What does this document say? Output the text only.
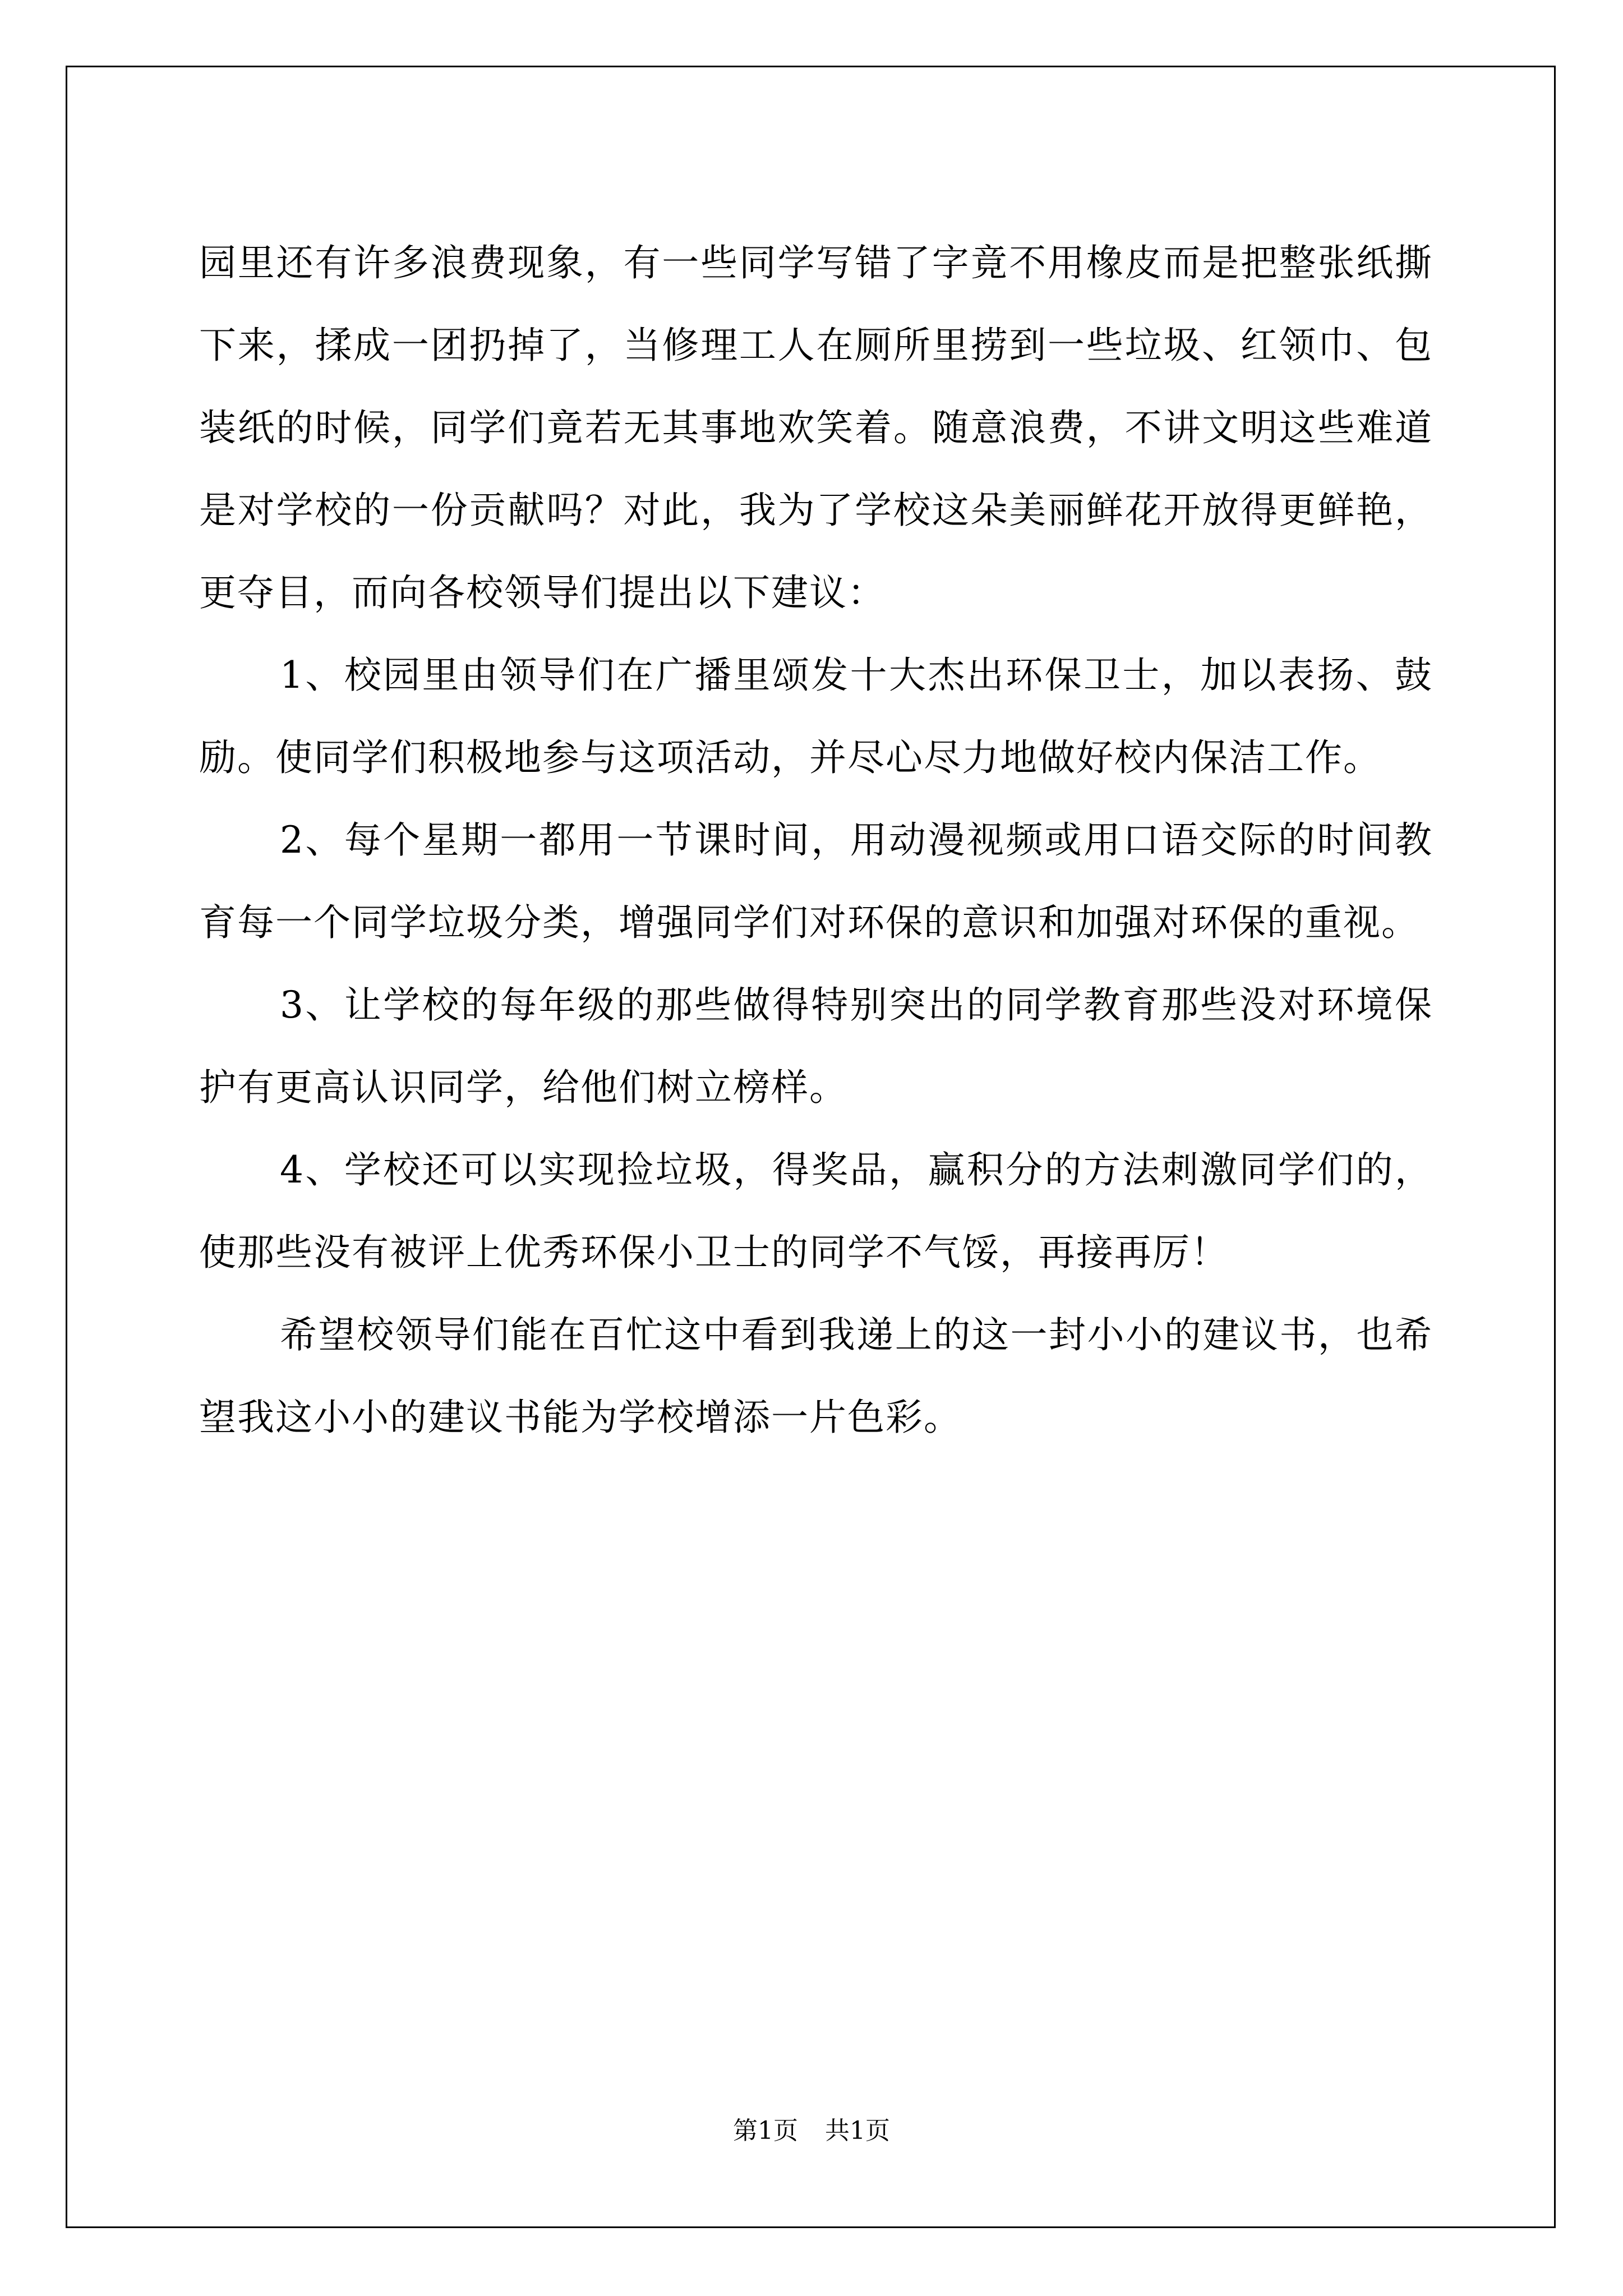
园里还有许多浪费现象，有一些同学写错了字竟不用橡皮而是把整张纸撕下来，揉成一团扔掉了，当修理工人在厕所里捞到一些垃圾、红领巾、包装纸的时候，同学们竟若无其事地欢笑着。随意浪费，不讲文明这些难道是对学校的一份贡献吗？对此，我为了学校这朵美丽鲜花开放得更鲜艳，更夺目，而向各校领导们提出以下建议：

1、校园里由领导们在广播里颂发十大杰出环保卫士，加以表扬、鼓励。使同学们积极地参与这项活动，并尽心尽力地做好校内保洁工作。

2、每个星期一都用一节课时间，用动漫视频或用口语交际的时间教育每一个同学垃圾分类，增强同学们对环保的意识和加强对环保的重视。

3、让学校的每年级的那些做得特别突出的同学教育那些没对环境保护有更高认识同学，给他们树立榜样。

4、学校还可以实现捡垃圾，得奖品，赢积分的方法刺激同学们的，使那些没有被评上优秀环保小卫士的同学不气馁，再接再厉！

希望校领导们能在百忙这中看到我递上的这一封小小的建议书，也希望我这小小的建议书能为学校增添一片色彩。

第1页 共1页
